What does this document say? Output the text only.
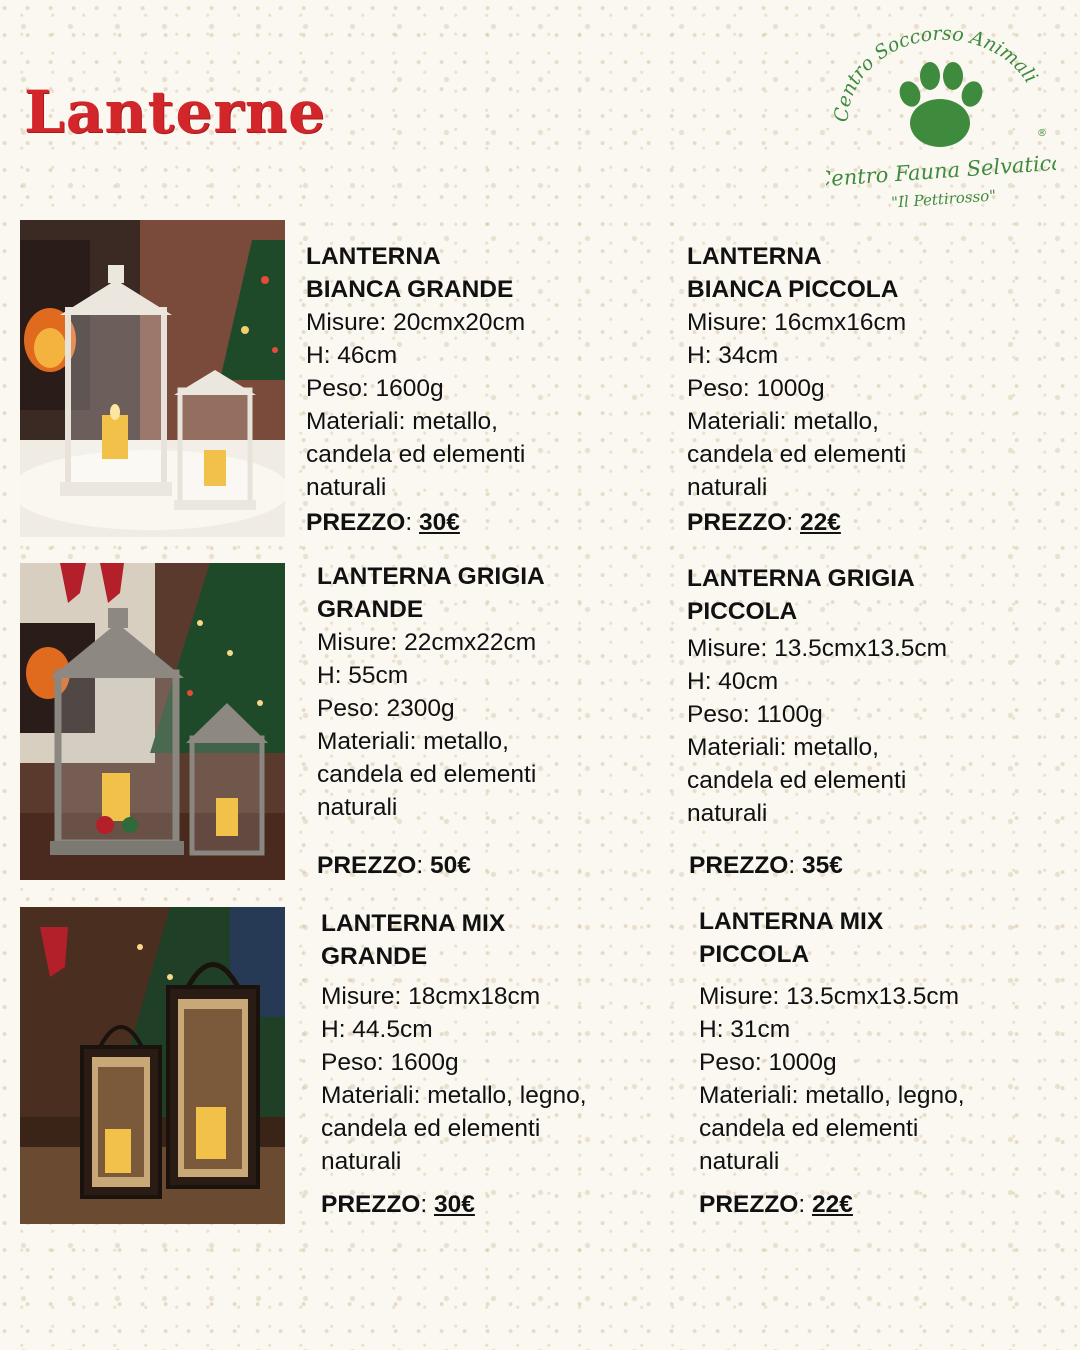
Lanterne	Centro Soccorso Animali
®
Centro Fauna Selvatica
"Il Pettirosso"

LANTERNA

BIANCA GRANDE

Misure: 20cmx20cm

H: 46cm

Peso: 1600g

Materiali: metallo,

candela ed elementi

naturali

PREZZO: 30€

LANTERNA

BIANCA PICCOLA

Misure: 16cmx16cm

H: 34cm

Peso: 1000g

Materiali: metallo,

candela ed elementi

naturali

PREZZO: 22€

LANTERNA GRIGIA

GRANDE

Misure: 22cmx22cm

H: 55cm

Peso: 2300g

Materiali: metallo,

candela ed elementi

naturali

PREZZO: 50€

LANTERNA GRIGIA

PICCOLA

Misure: 13.5cmx13.5cm

H: 40cm

Peso: 1100g

Materiali: metallo,

candela ed elementi

naturali

PREZZO: 35€

LANTERNA MIX

GRANDE

Misure: 18cmx18cm

H: 44.5cm

Peso: 1600g

Materiali: metallo, legno,

candela ed elementi

naturali

PREZZO: 30€

LANTERNA MIX

PICCOLA

Misure: 13.5cmx13.5cm

H: 31cm

Peso: 1000g

Materiali: metallo, legno,

candela ed elementi

naturali

PREZZO: 22€
